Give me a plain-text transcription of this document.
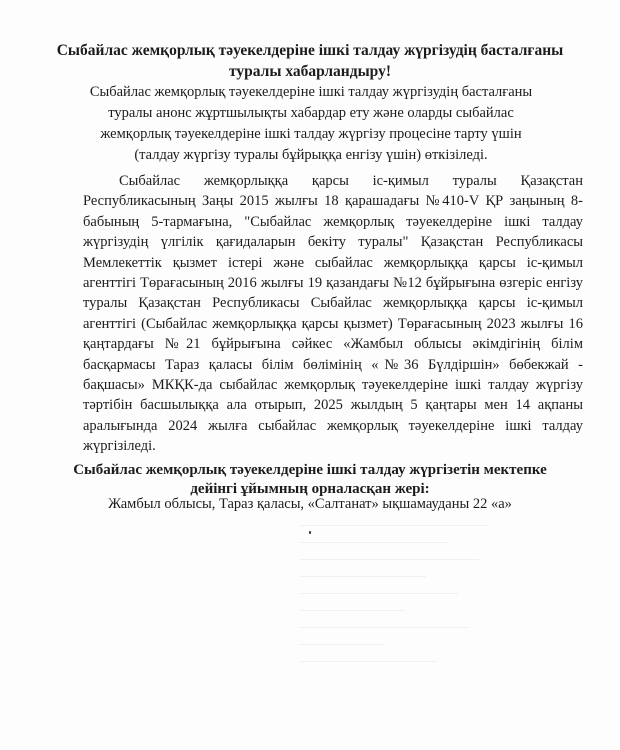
Сыбайлас жемқорлық тәуекелдеріне ішкі талдау жүргізудің басталғаны туралы хабарландыру!
Сыбайлас жемқорлық тәуекелдеріне ішкі талдау жүргізудің басталғаны туралы анонс жұртшылықты хабардар ету және оларды сыбайлас жемқорлық тәуекелдеріне ішкі талдау жүргізу процесіне тарту үшін (талдау жүргізу туралы бұйрыққа енгізу үшін) өткізіледі.
Сыбайлас жемқорлыққа қарсы іс-қимыл туралы Қазақстан Республикасының Заңы 2015 жылғы 18 қарашадағы №410-V ҚР заңының 8-бабының 5-тармағына, "Сыбайлас жемқорлық тәуекелдеріне ішкі талдау жүргізудің үлгілік қағидаларын бекіту туралы" Қазақстан Республикасы Мемлекеттік қызмет істері және сыбайлас жемқорлыққа қарсы іс-қимыл агенттігі Төрағасының 2016 жылғы 19 қазандағы №12 бұйрығына өзгеріс енгізу туралы Қазақстан Республикасы Сыбайлас жемқорлыққа қарсы іс-қимыл агенттігі (Сыбайлас жемқорлыққа қарсы қызмет) Төрағасының 2023 жылғы 16 қаңтардағы №21 бұйрығына сәйкес «Жамбыл облысы әкімдігінің білім басқармасы Тараз қаласы білім бөлімінің «№36 Бүлдіршін» бөбекжай - бақшасы» МКҚК-да сыбайлас жемқорлық тәуекелдеріне ішкі талдау жүргізу тәртібін басшылыққа ала отырып, 2025 жылдың 5 қаңтары мен 14 ақпаны аралығында 2024 жылға сыбайлас жемқорлық тәуекелдеріне ішкі талдау жүргізіледі.
Сыбайлас жемқорлық тәуекелдеріне ішкі талдау жүргізетін мектепке дейінгі ұйымның орналасқан жері:
Жамбыл облысы, Тараз қаласы, «Салтанат» ықшамауданы 22 «а»
